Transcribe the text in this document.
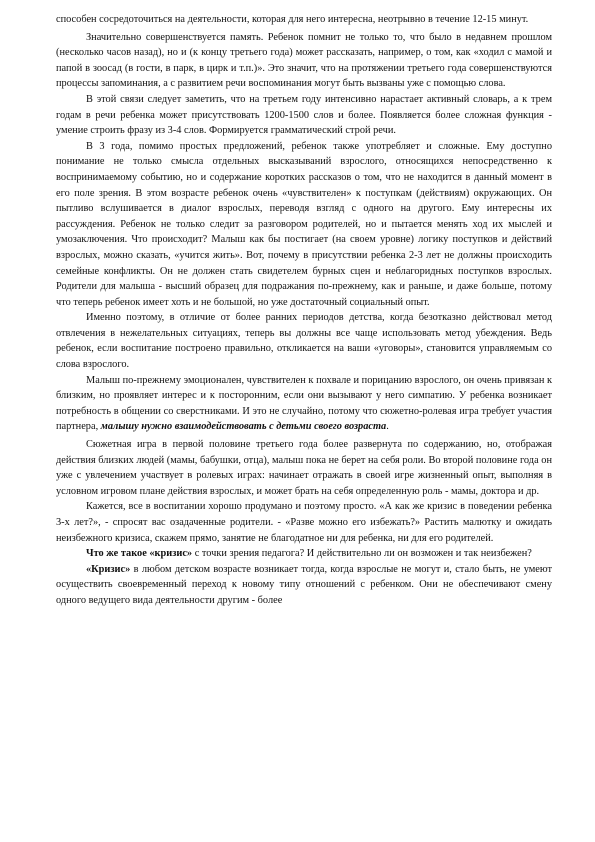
способен сосредоточиться на деятельности, которая для него интересна, неотрывно в течение 12-15 минут.

Значительно совершенствуется память. Ребенок помнит не только то, что было в недавнем прошлом (несколько часов назад), но и (к концу третьего года) может рассказать, например, о том, как «ходил с мамой и папой в зоосад (в гости, в парк, в цирк и т.п.)». Это значит, что на протяжении третьего года совершенствуются процессы запоминания, а с развитием речи воспоминания могут быть вызваны уже с помощью слова.

В этой связи следует заметить, что на третьем году интенсивно нарастает активный словарь, а к трем годам в речи ребенка может присутствовать 1200-1500 слов и более. Появляется более сложная функция - умение строить фразу из 3-4 слов. Формируется грамматический строй речи.

В 3 года, помимо простых предложений, ребенок также употребляет и сложные. Ему доступно понимание не только смысла отдельных высказываний взрослого, относящихся непосредственно к воспринимаемому событию, но и содержание коротких рассказов о том, что не находится в данный момент в его поле зрения. В этом возрасте ребенок очень «чувствителен» к поступкам (действиям) окружающих. Он пытливо вслушивается в диалог взрослых, переводя взгляд с одного на другого. Ему интересны их рассуждения. Ребенок не только следит за разговором родителей, но и пытается менять ход их мыслей и умозаключения. Что происходит? Малыш как бы постигает (на своем уровне) логику поступков и действий взрослых, можно сказать, «учится жить». Вот, почему в присутствии ребенка 2-3 лет не должны происходить семейные конфликты. Он не должен стать свидетелем бурных сцен и неблагоридных поступков взрослых. Родители для малыша - высший образец для подражания по-прежнему, как и раньше, и даже больше, потому что теперь ребенок имеет хоть и не большой, но уже достаточный социальный опыт.

Именно поэтому, в отличие от более ранних периодов детства, когда безотказно действовал метод отвлечения в нежелательных ситуациях, теперь вы должны все чаще использовать метод убеждения. Ведь ребенок, если воспитание построено правильно, откликается на ваши «уговоры», становится управляемым со слова взрослого.

Малыш по-прежнему эмоционален, чувствителен к похвале и порицанию взрослого, он очень привязан к близким, но проявляет интерес и к посторонним, если они вызывают у него симпатию. У ребенка возникает потребность в общении со сверстниками. И это не случайно, потому что сюжетно-ролевая игра требует участия партнера, малышу нужно взаимодействовать с детьми своего возраста.

Сюжетная игра в первой половине третьего года более развернута по содержанию, но, отображая действия близких людей (мамы, бабушки, отца), малыш пока не берет на себя роли. Во второй половине года он уже с увлечением участвует в ролевых играх: начинает отражать в своей игре жизненный опыт, выполняя в условном игровом плане действия взрослых, и может брать на себя определенную роль - мамы, доктора и др.

Кажется, все в воспитании хорошо продумано и поэтому просто. «А как же кризис в поведении ребенка 3-х лет?», - спросят вас озадаченные родители. - «Разве можно его избежать?» Растить малютку и ожидать неизбежного кризиса, скажем прямо, занятие не благодатное ни для ребенка, ни для его родителей.

Что же такое «кризис» с точки зрения педагога? И действительно ли он возможен и так неизбежен?

«Кризис» в любом детском возрасте возникает тогда, когда взрослые не могут и, стало быть, не умеют осуществить своевременный переход к новому типу отношений с ребенком. Они не обеспечивают смену одного ведущего вида деятельности другим - более
